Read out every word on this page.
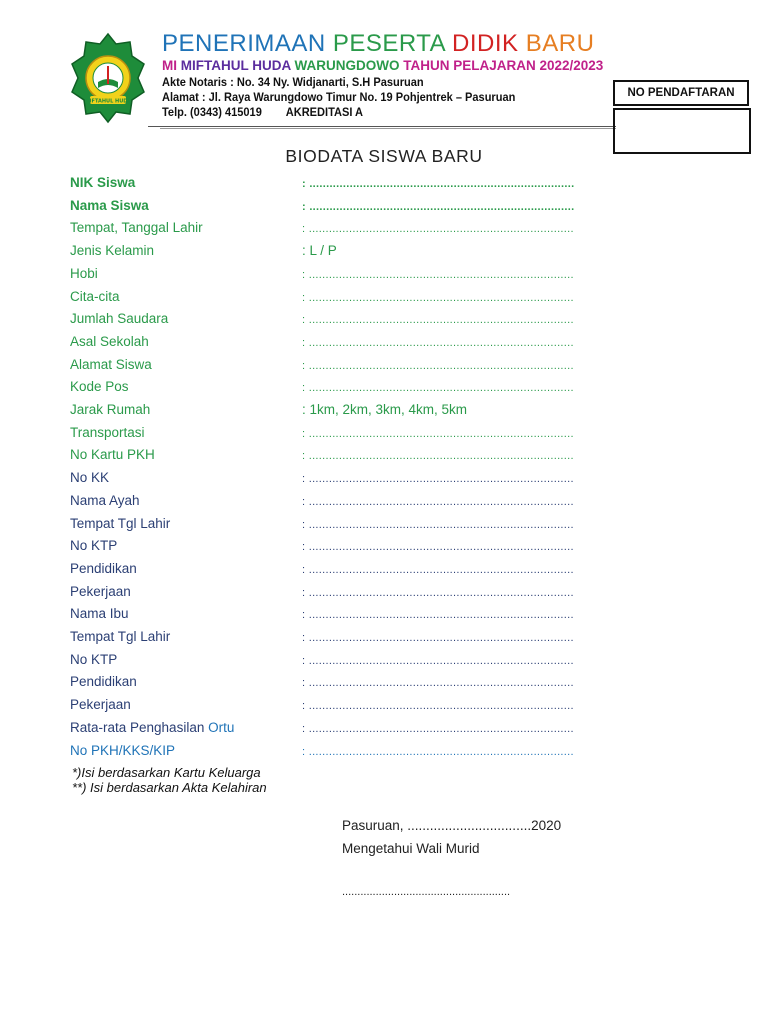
MIFTAHUL HUDA
PENERIMAAN PESERTA DIDIK BARU
MI MIFTAHUL HUDA WARUNGDOWO TAHUN PELAJARAN 2022/2023
Akte Notaris : No. 34 Ny. Widjanarti, S.H Pasuruan
Alamat : Jl. Raya Warungdowo Timur No. 19 Pohjentrek – Pasuruan
Telp. (0343) 415019 AKREDITASI A
NO PENDAFTARAN
BIODATA SISWA BARU
NIK Siswa	: ...............................................................................
Nama Siswa	: ...............................................................................
Tempat, Tanggal Lahir	: ...............................................................................
Jenis Kelamin	: L / P
Hobi	: ...............................................................................
Cita-cita	: ...............................................................................
Jumlah Saudara	: ...............................................................................
Asal Sekolah	: ...............................................................................
Alamat Siswa	: ...............................................................................
Kode Pos	: ...............................................................................
Jarak Rumah	: 1km, 2km, 3km, 4km, 5km
Transportasi	: ...............................................................................
No Kartu PKH	: ...............................................................................
No KK	: ...............................................................................
Nama Ayah	: ...............................................................................
Tempat Tgl Lahir	: ...............................................................................
No KTP	: ...............................................................................
Pendidikan	: ...............................................................................
Pekerjaan	: ...............................................................................
Nama Ibu	: ...............................................................................
Tempat Tgl Lahir	: ...............................................................................
No KTP	: ...............................................................................
Pendidikan	: ...............................................................................
Pekerjaan	: ...............................................................................
Rata-rata Penghasilan Ortu	: ...............................................................................
No PKH/KKS/KIP	: ...............................................................................
*)Isi berdasarkan Kartu Keluarga
**) Isi berdasarkan Akta Kelahiran
Pasuruan, .................................2020
Mengetahui Wali Murid
.......................................................
